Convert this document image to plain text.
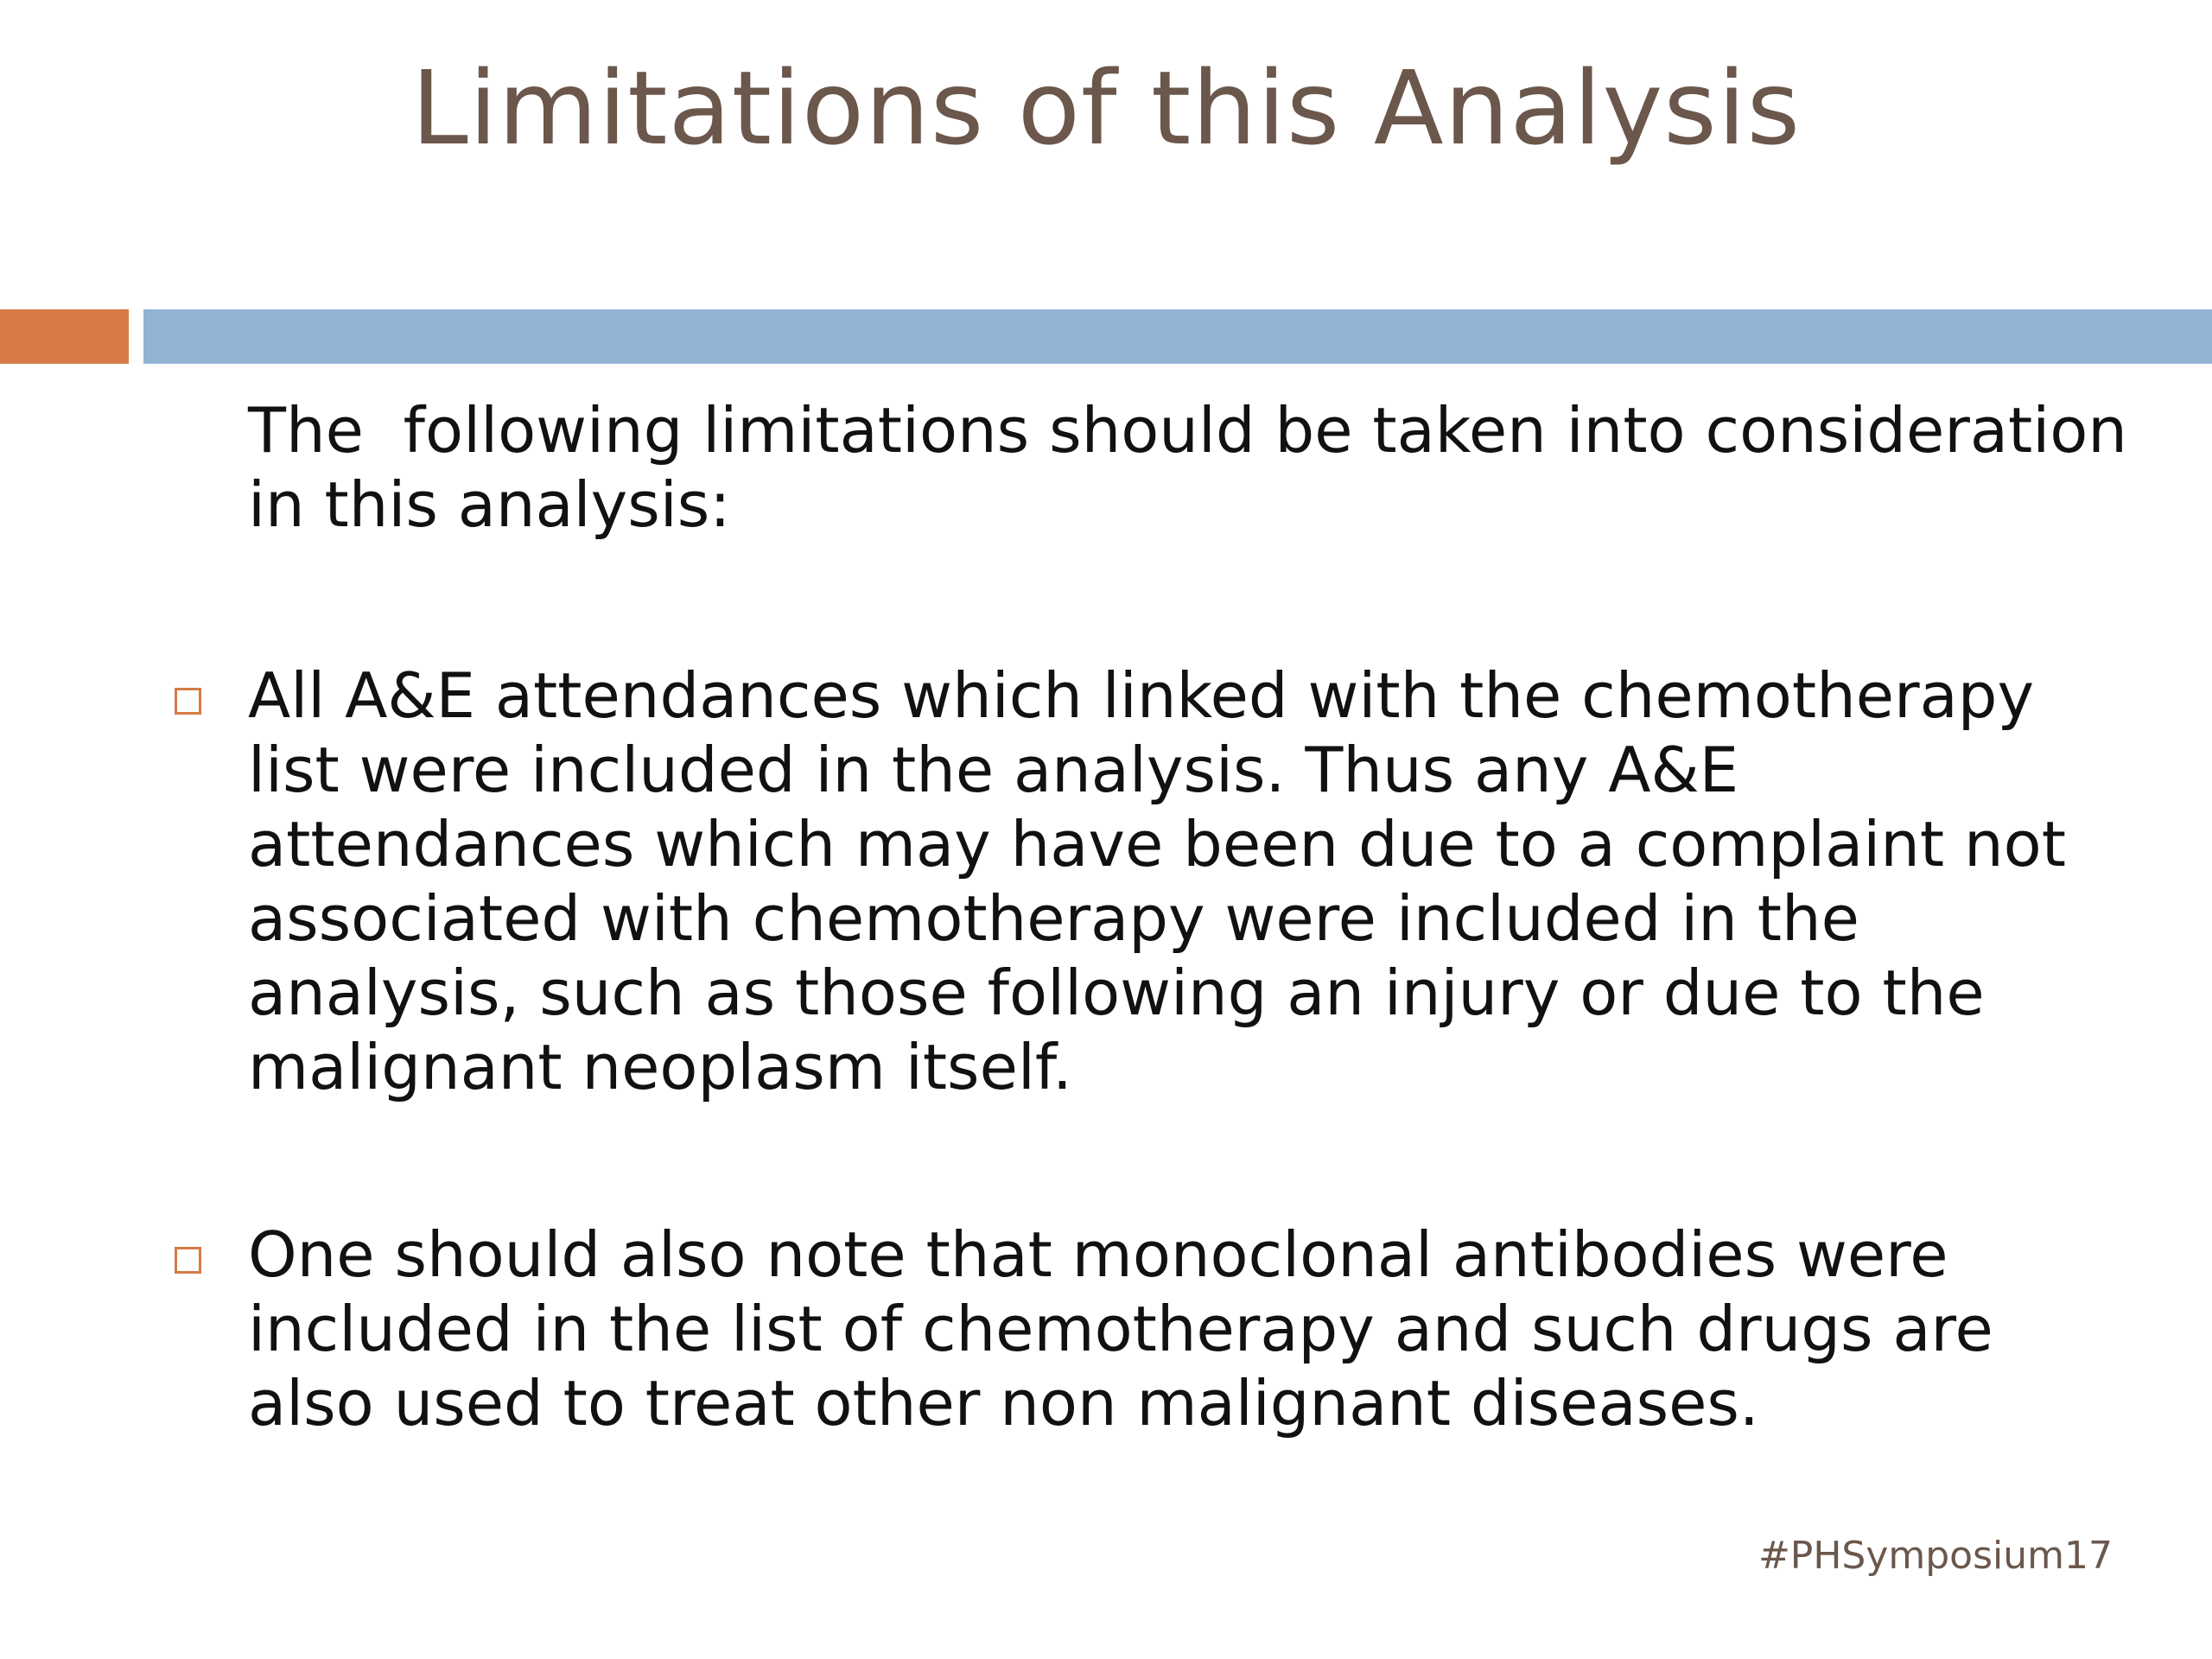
Limitations of this Analysis
The  following limitations should be taken into consideration in this analysis:
All A&E attendances which linked with the chemotherapy list were included in the analysis. Thus any A&E attendances which may have been due to a complaint not associated with chemotherapy were included in the analysis, such as those following an injury or due to the malignant neoplasm itself.
One should also note that monoclonal antibodies were included in the list of chemotherapy and such drugs are also used to treat other non malignant diseases.
#PHSymposium17
